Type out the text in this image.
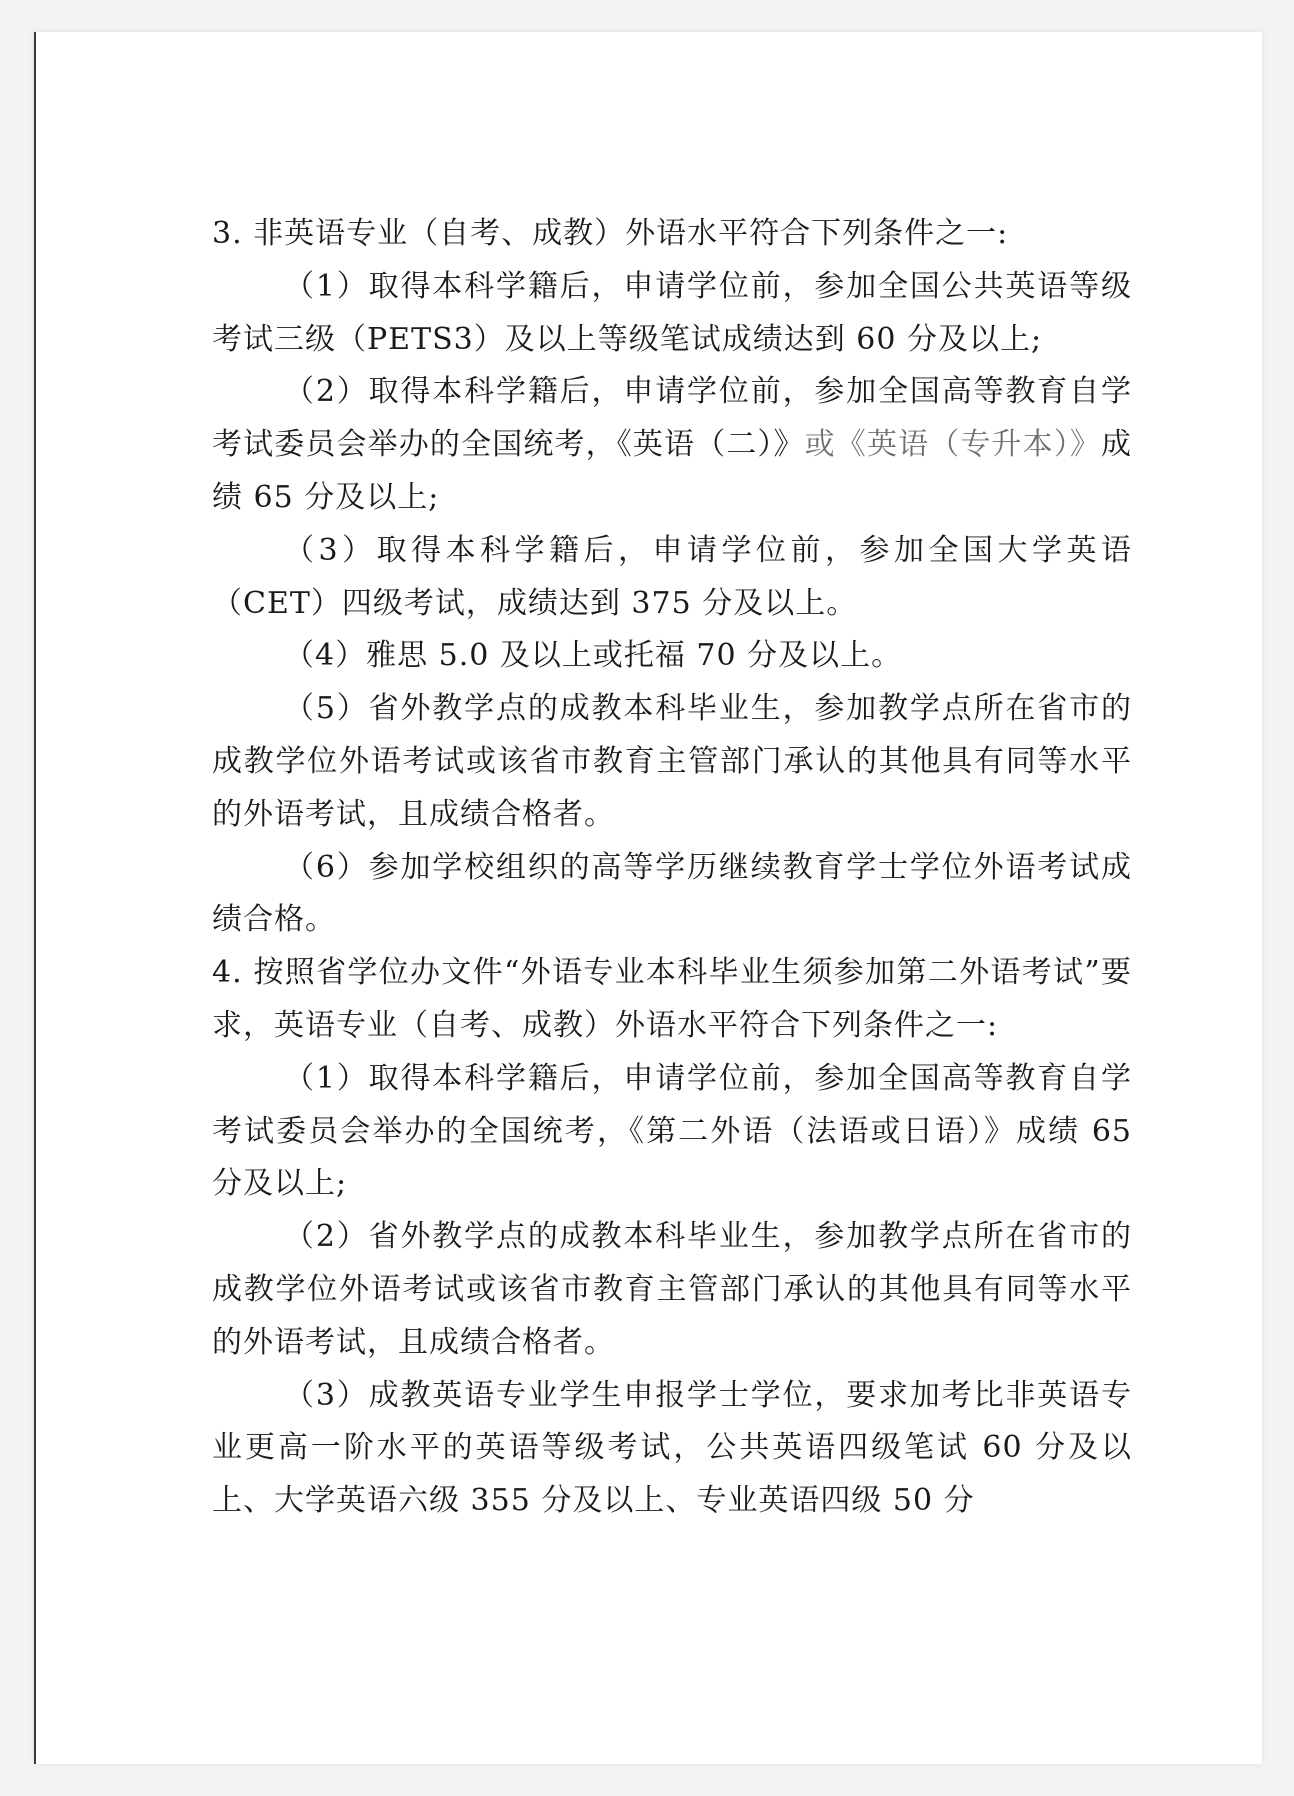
3. 非英语专业（自考、成教）外语水平符合下列条件之一:

（1）取得本科学籍后，申请学位前，参加全国公共英语等级考试三级（PETS3）及以上等级笔试成绩达到 60 分及以上;

（2）取得本科学籍后，申请学位前，参加全国高等教育自学考试委员会举办的全国统考，《英语（二）》或《英语（专升本）》成绩 65 分及以上;

（3）取得本科学籍后，申请学位前，参加全国大学英语（CET）四级考试，成绩达到 375 分及以上。

（4）雅思 5.0 及以上或托福 70 分及以上。

（5）省外教学点的成教本科毕业生，参加教学点所在省市的成教学位外语考试或该省市教育主管部门承认的其他具有同等水平的外语考试，且成绩合格者。

（6）参加学校组织的高等学历继续教育学士学位外语考试成绩合格。

4. 按照省学位办文件“外语专业本科毕业生须参加第二外语考试”要求，英语专业（自考、成教）外语水平符合下列条件之一:

（1）取得本科学籍后，申请学位前，参加全国高等教育自学考试委员会举办的全国统考，《第二外语（法语或日语）》成绩 65 分及以上;

（2）省外教学点的成教本科毕业生，参加教学点所在省市的成教学位外语考试或该省市教育主管部门承认的其他具有同等水平的外语考试，且成绩合格者。

（3）成教英语专业学生申报学士学位，要求加考比非英语专业更高一阶水平的英语等级考试，公共英语四级笔试 60 分及以上、大学英语六级 355 分及以上、专业英语四级 50 分
